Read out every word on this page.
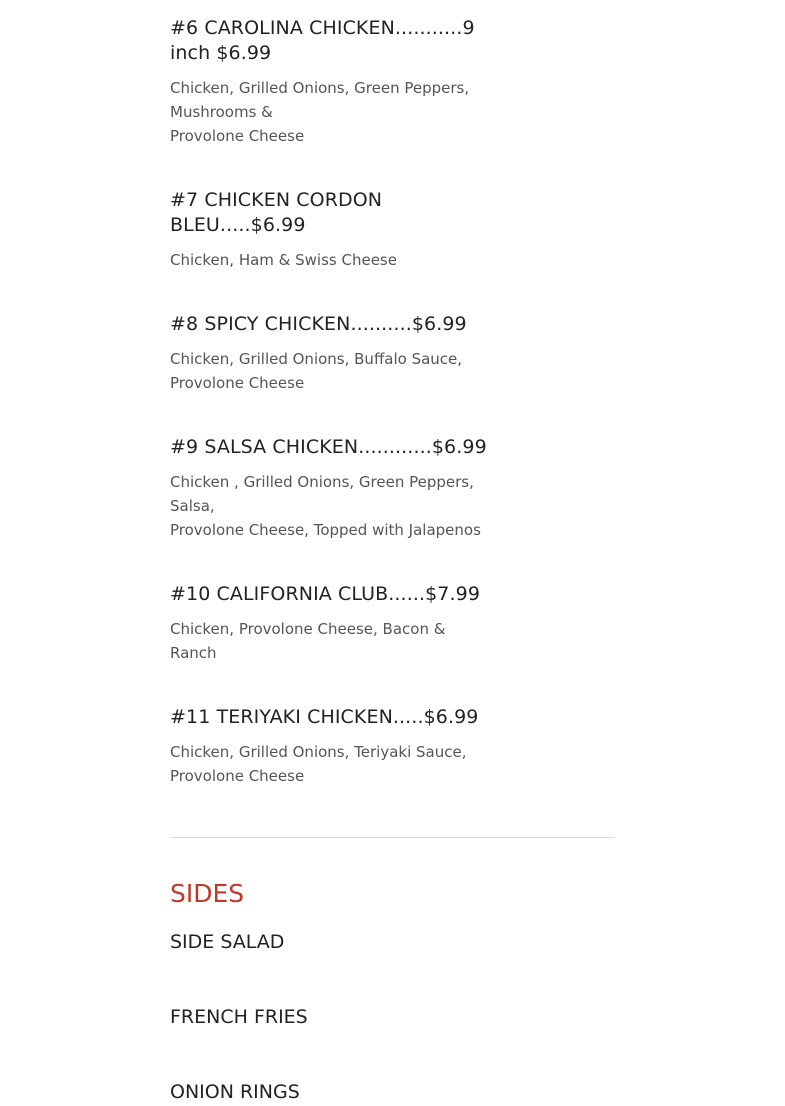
#6 CAROLINA CHICKEN...........9
inch $6.99

Chicken, Grilled Onions, Green Peppers,
Mushrooms &
Provolone Cheese

#7 CHICKEN CORDON
BLEU.....$6.99

Chicken, Ham & Swiss Cheese

#8 SPICY CHICKEN..........$6.99

Chicken, Grilled Onions, Buffalo Sauce,
Provolone Cheese

#9 SALSA CHICKEN............$6.99

Chicken , Grilled Onions, Green Peppers,
Salsa,
Provolone Cheese, Topped with Jalapenos

#10 CALIFORNIA CLUB......$7.99

Chicken, Provolone Cheese, Bacon &
Ranch

#11 TERIYAKI CHICKEN.....$6.99

Chicken, Grilled Onions, Teriyaki Sauce,
Provolone Cheese

SIDES
SIDE SALAD
FRENCH FRIES
ONION RINGS
